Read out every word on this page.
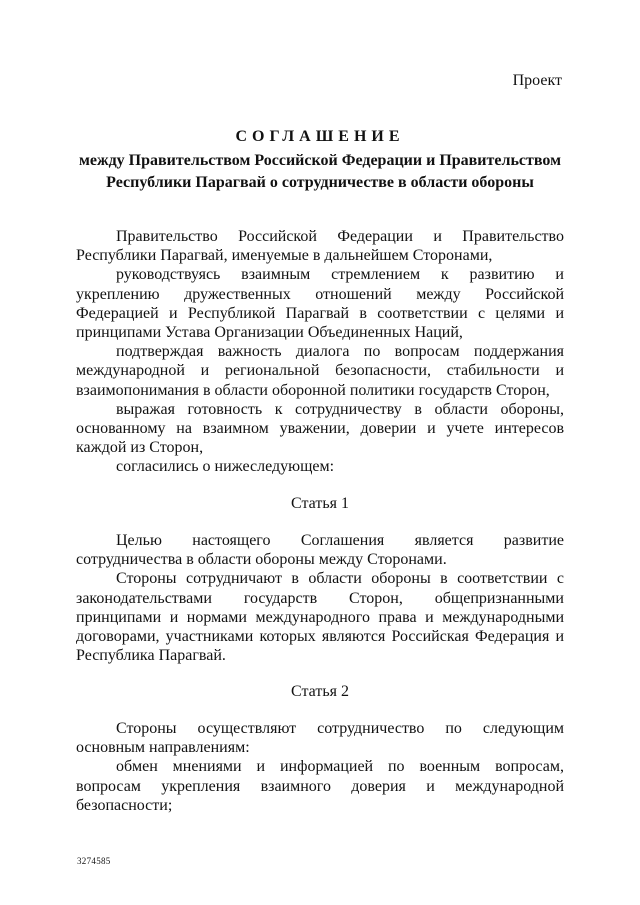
Проект
СОГЛАШЕНИЕ
между Правительством Российской Федерации и Правительством Республики Парагвай о сотрудничестве в области обороны

Правительство Российской Федерации и Правительство Республики Парагвай, именуемые в дальнейшем Сторонами,

руководствуясь взаимным стремлением к развитию и укреплению дружественных отношений между Российской Федерацией и Республикой Парагвай в соответствии с целями и принципами Устава Организации Объединенных Наций,

подтверждая важность диалога по вопросам поддержания международной и региональной безопасности, стабильности и взаимопонимания в области оборонной политики государств Сторон,

выражая готовность к сотрудничеству в области обороны, основанному на взаимном уважении, доверии и учете интересов каждой из Сторон,

согласились о нижеследующем:

Статья 1

Целью настоящего Соглашения является развитие сотрудничества в области обороны между Сторонами.

Стороны сотрудничают в области обороны в соответствии с законодательствами государств Сторон, общепризнанными принципами и нормами международного права и международными договорами, участниками которых являются Российская Федерация и Республика Парагвай.

Статья 2

Стороны осуществляют сотрудничество по следующим основным направлениям:

обмен мнениями и информацией по военным вопросам, вопросам укрепления взаимного доверия и международной безопасности;

3274585
